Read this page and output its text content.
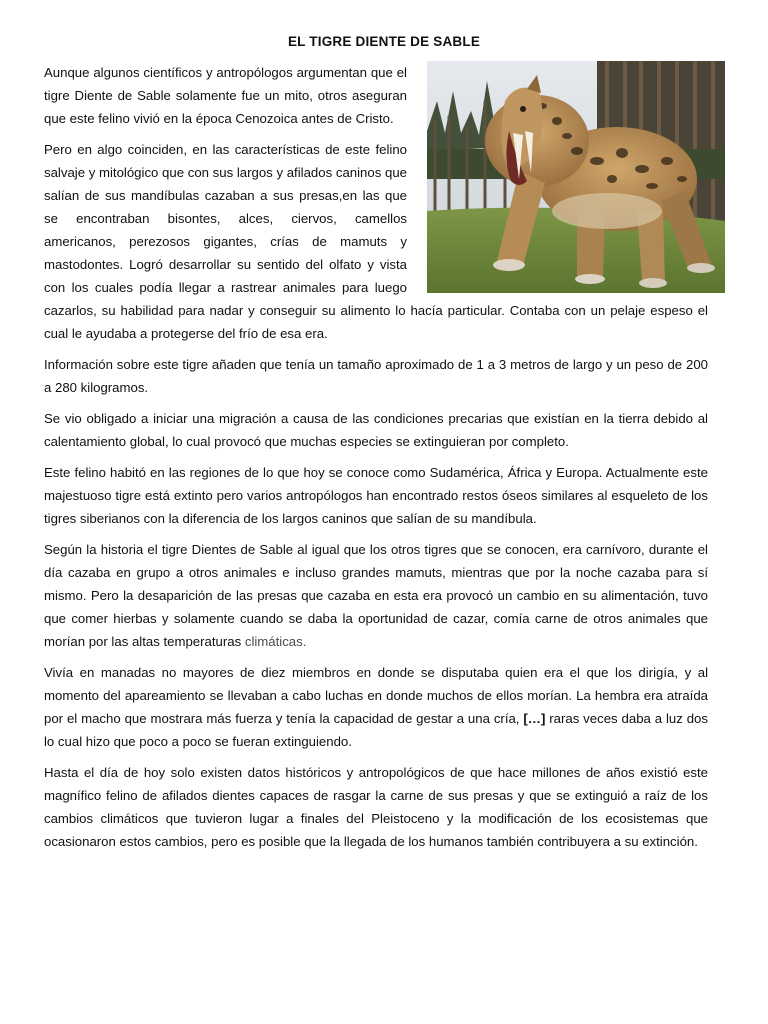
EL TIGRE DIENTE DE SABLE

Aunque algunos científicos y antropólogos argumentan que el tigre Diente de Sable solamente fue un mito, otros aseguran que este felino vivió en la época Cenozoica antes de Cristo.

Pero en algo coinciden, en las características de este felino salvaje y mitológico que con sus largos y afilados caninos que salían de sus mandíbulas cazaban a sus presas,en las que se encontraban bisontes, alces, ciervos, camellos americanos, perezosos gigantes, crías de mamuts y mastodontes. Logró desarrollar su sentido del olfato y vista con los cuales podía llegar a rastrear animales para luego cazarlos, su habilidad para nadar y conseguir su alimento lo hacía particular. Contaba con un pelaje espeso el cual le ayudaba a protegerse del frío de esa era.

Información sobre este tigre añaden que tenía un tamaño aproximado de 1 a 3 metros de largo y un peso de 200 a 280 kilogramos.

Se vio obligado a iniciar una migración a causa de las condiciones precarias que existían en la tierra debido al calentamiento global, lo cual provocó que muchas especies se extinguieran por completo.

Este felino habitó en las regiones de lo que hoy se conoce como Sudamérica, África y Europa. Actualmente este majestuoso tigre está extinto pero varios antropólogos han encontrado restos óseos similares al esqueleto de los tigres siberianos con la diferencia de los largos caninos que salían de su mandíbula.

Según la historia el tigre Dientes de Sable al igual que los otros tigres que se conocen, era carnívoro, durante el día cazaba en grupo a otros animales e incluso grandes mamuts, mientras que por la noche cazaba para sí mismo. Pero la desaparición de las presas que cazaba en esta era provocó un cambio en su alimentación, tuvo que comer hierbas y solamente cuando se daba la oportunidad de cazar, comía carne de otros animales que morían por las altas temperaturas climáticas.

Vivía en manadas no mayores de diez miembros en donde se disputaba quien era el que los dirigía, y al momento del apareamiento se llevaban a cabo luchas en donde muchos de ellos morían. La hembra era atraída por el macho que mostrara más fuerza y tenía la capacidad de gestar a una cría, […] raras veces daba a luz dos lo cual hizo que poco a poco se fueran extinguiendo.

Hasta el día de hoy solo existen datos históricos y antropológicos de que hace millones de años existió este magnífico felino de afilados dientes capaces de rasgar la carne de sus presas y que se extinguió a raíz de los cambios climáticos que tuvieron lugar a finales del Pleistoceno y la modificación de los ecosistemas que ocasionaron estos cambios, pero es posible que la llegada de los humanos también contribuyera a su extinción.
